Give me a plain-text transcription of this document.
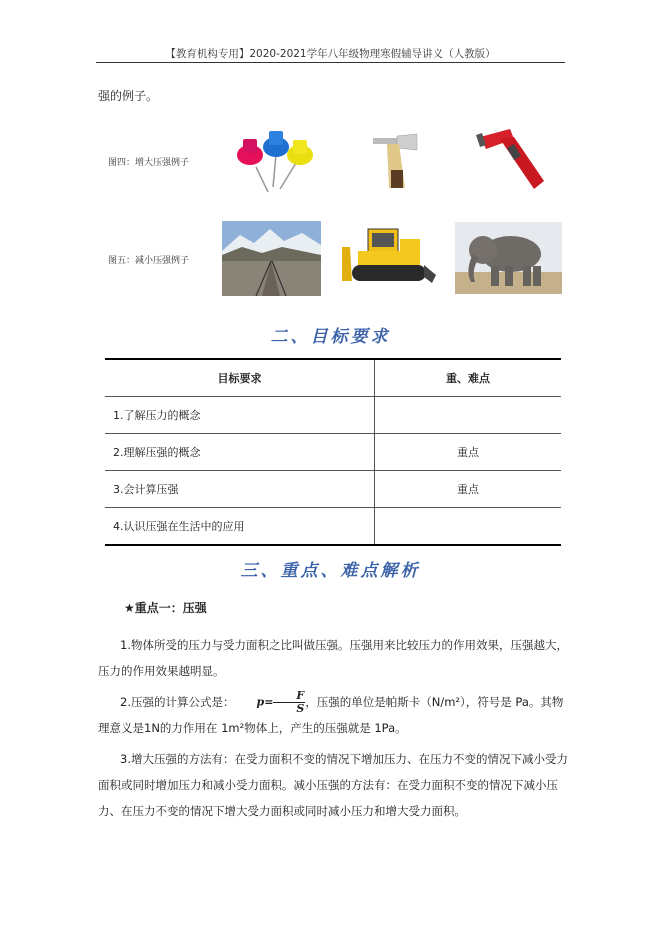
【教育机构专用】2020-2021学年八年级物理寒假辅导讲义（人教版）
强的例子。
图四：增大压强例子
图五：减小压强例子
二、目标要求
目标要求	重、难点
1.了解压力的概念	
2.理解压强的概念	重点
3.会计算压强	重点
4.认识压强在生活中的应用	
三、重点、难点解析
★重点一：压强
1.物体所受的压力与受力面积之比叫做压强。压强用来比较压力的作用效果，压强越大，压力的作用效果越明显。
2.压强的计算公式是： $p= \frac{F}{S}$ ，压强的单位是帕斯卡（N/m²），符号是 Pa。其物理意义是1N的力作用在 1m²物体上，产生的压强就是 1Pa。
3.增大压强的方法有：在受力面积不变的情况下增加压力、在压力不变的情况下减小受力面积或同时增加压力和减小受力面积。减小压强的方法有：在受力面积不变的情况下减小压力、在压力不变的情况下增大受力面积或同时减小压力和增大受力面积。
